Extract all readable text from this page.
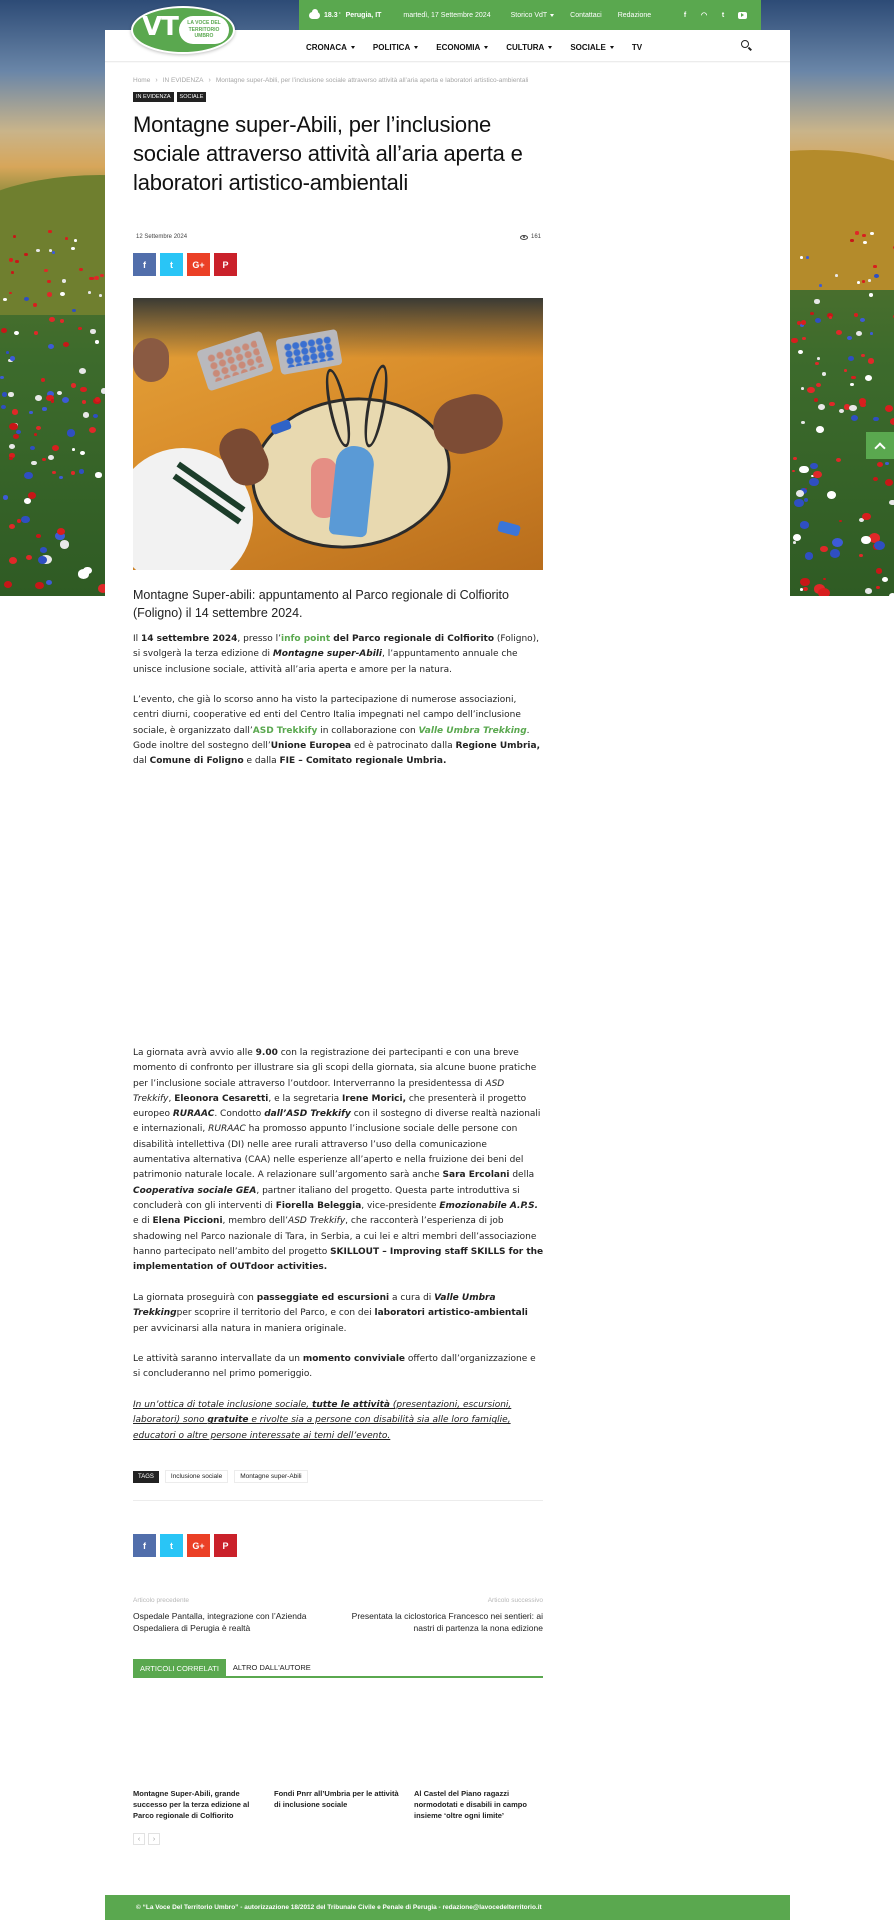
18.3 ° Perugia, IT	martedì, 17 Settembre 2024	Storico VdT	Contattaci Redazione	f	◠	t
VT	LA VOCE DEL TERRITORIO UMBRO
CRONACA	POLITICA	ECONOMIA	CULTURA	SOCIALE	TV
Home › IN EVIDENZA › Montagne super-Abili, per l’inclusione sociale attraverso attività all’aria aperta e laboratori artistico-ambientali
IN EVIDENZA	SOCIALE
Montagne super-Abili, per l’inclusione sociale attraverso attività all’aria aperta e laboratori artistico-ambientali
12 Settembre 2024	161
f	t	G+	P

Montagne Super-abili: appuntamento al Parco regionale di Colfiorito (Foligno) il 14 settembre 2024.

Il 14 settembre 2024, presso l’info point del Parco regionale di Colfiorito (Foligno), si svolgerà la terza edizione di Montagne super-Abili, l’appuntamento annuale che unisce inclusione sociale, attività all’aria aperta e amore per la natura.

L’evento, che già lo scorso anno ha visto la partecipazione di numerose associazioni, centri diurni, cooperative ed enti del Centro Italia impegnati nel campo dell’inclusione sociale, è organizzato dall’ASD Trekkify in collaborazione con Valle Umbra Trekking. Gode inoltre del sostegno dell’Unione Europea ed è patrocinato dalla Regione Umbria, dal Comune di Foligno e dalla FIE – Comitato regionale Umbria.

La giornata avrà avvio alle 9.00 con la registrazione dei partecipanti e con una breve momento di confronto per illustrare sia gli scopi della giornata, sia alcune buone pratiche per l’inclusione sociale attraverso l’outdoor. Interverranno la presidentessa di ASD Trekkify, Eleonora Cesaretti, e la segretaria Irene Morici, che presenterà il progetto europeo RURAAC. Condotto dall’ASD Trekkify con il sostegno di diverse realtà nazionali e internazionali, RURAAC ha promosso appunto l’inclusione sociale delle persone con disabilità intellettiva (DI) nelle aree rurali attraverso l’uso della comunicazione aumentativa alternativa (CAA) nelle esperienze all’aperto e nella fruizione dei beni del patrimonio naturale locale. A relazionare sull’argomento sarà anche Sara Ercolani della Cooperativa sociale GEA, partner italiano del progetto. Questa parte introduttiva si concluderà con gli interventi di Fiorella Beleggia, vice-presidente Emozionabile A.P.S. e di Elena Piccioni, membro dell’ASD Trekkify, che racconterà l’esperienza di job shadowing nel Parco nazionale di Tara, in Serbia, a cui lei e altri membri dell’associazione hanno partecipato nell’ambito del progetto SKILLOUT – Improving staff SKILLS for the implementation of OUTdoor activities.

La giornata proseguirà con passeggiate ed escursioni a cura di Valle Umbra Trekkingper scoprire il territorio del Parco, e con dei laboratori artistico-ambientali per avvicinarsi alla natura in maniera originale.

Le attività saranno intervallate da un momento conviviale offerto dall’organizzazione e si concluderanno nel primo pomeriggio.

In un’ottica di totale inclusione sociale, tutte le attività (presentazioni, escursioni, laboratori) sono gratuite e rivolte sia a persone con disabilità sia alle loro famiglie, educatori o altre persone interessate ai temi dell’evento.

TAGS	Inclusione sociale	Montagne super-Abili
f	t	G+	P
Articolo precedente
Ospedale Pantalla, integrazione con l’Azienda Ospedaliera di Perugia è realtà
Articolo successivo
Presentata la ciclostorica Francesco nei sentieri: ai nastri di partenza la nona edizione
ARTICOLI CORRELATI	ALTRO DALL'AUTORE
Montagne Super-Abili, grande successo per la terza edizione al Parco regionale di Colfiorito
Fondi Pnrr all’Umbria per le attività di inclusione sociale
Al Castel del Piano ragazzi normodotati e disabili in campo insieme ‘oltre ogni limite’
‹	›
© “La Voce Del Territorio Umbro” - autorizzazione 18/2012 del Tribunale Civile e Penale di Perugia - redazione@lavocedelterritorio.it
